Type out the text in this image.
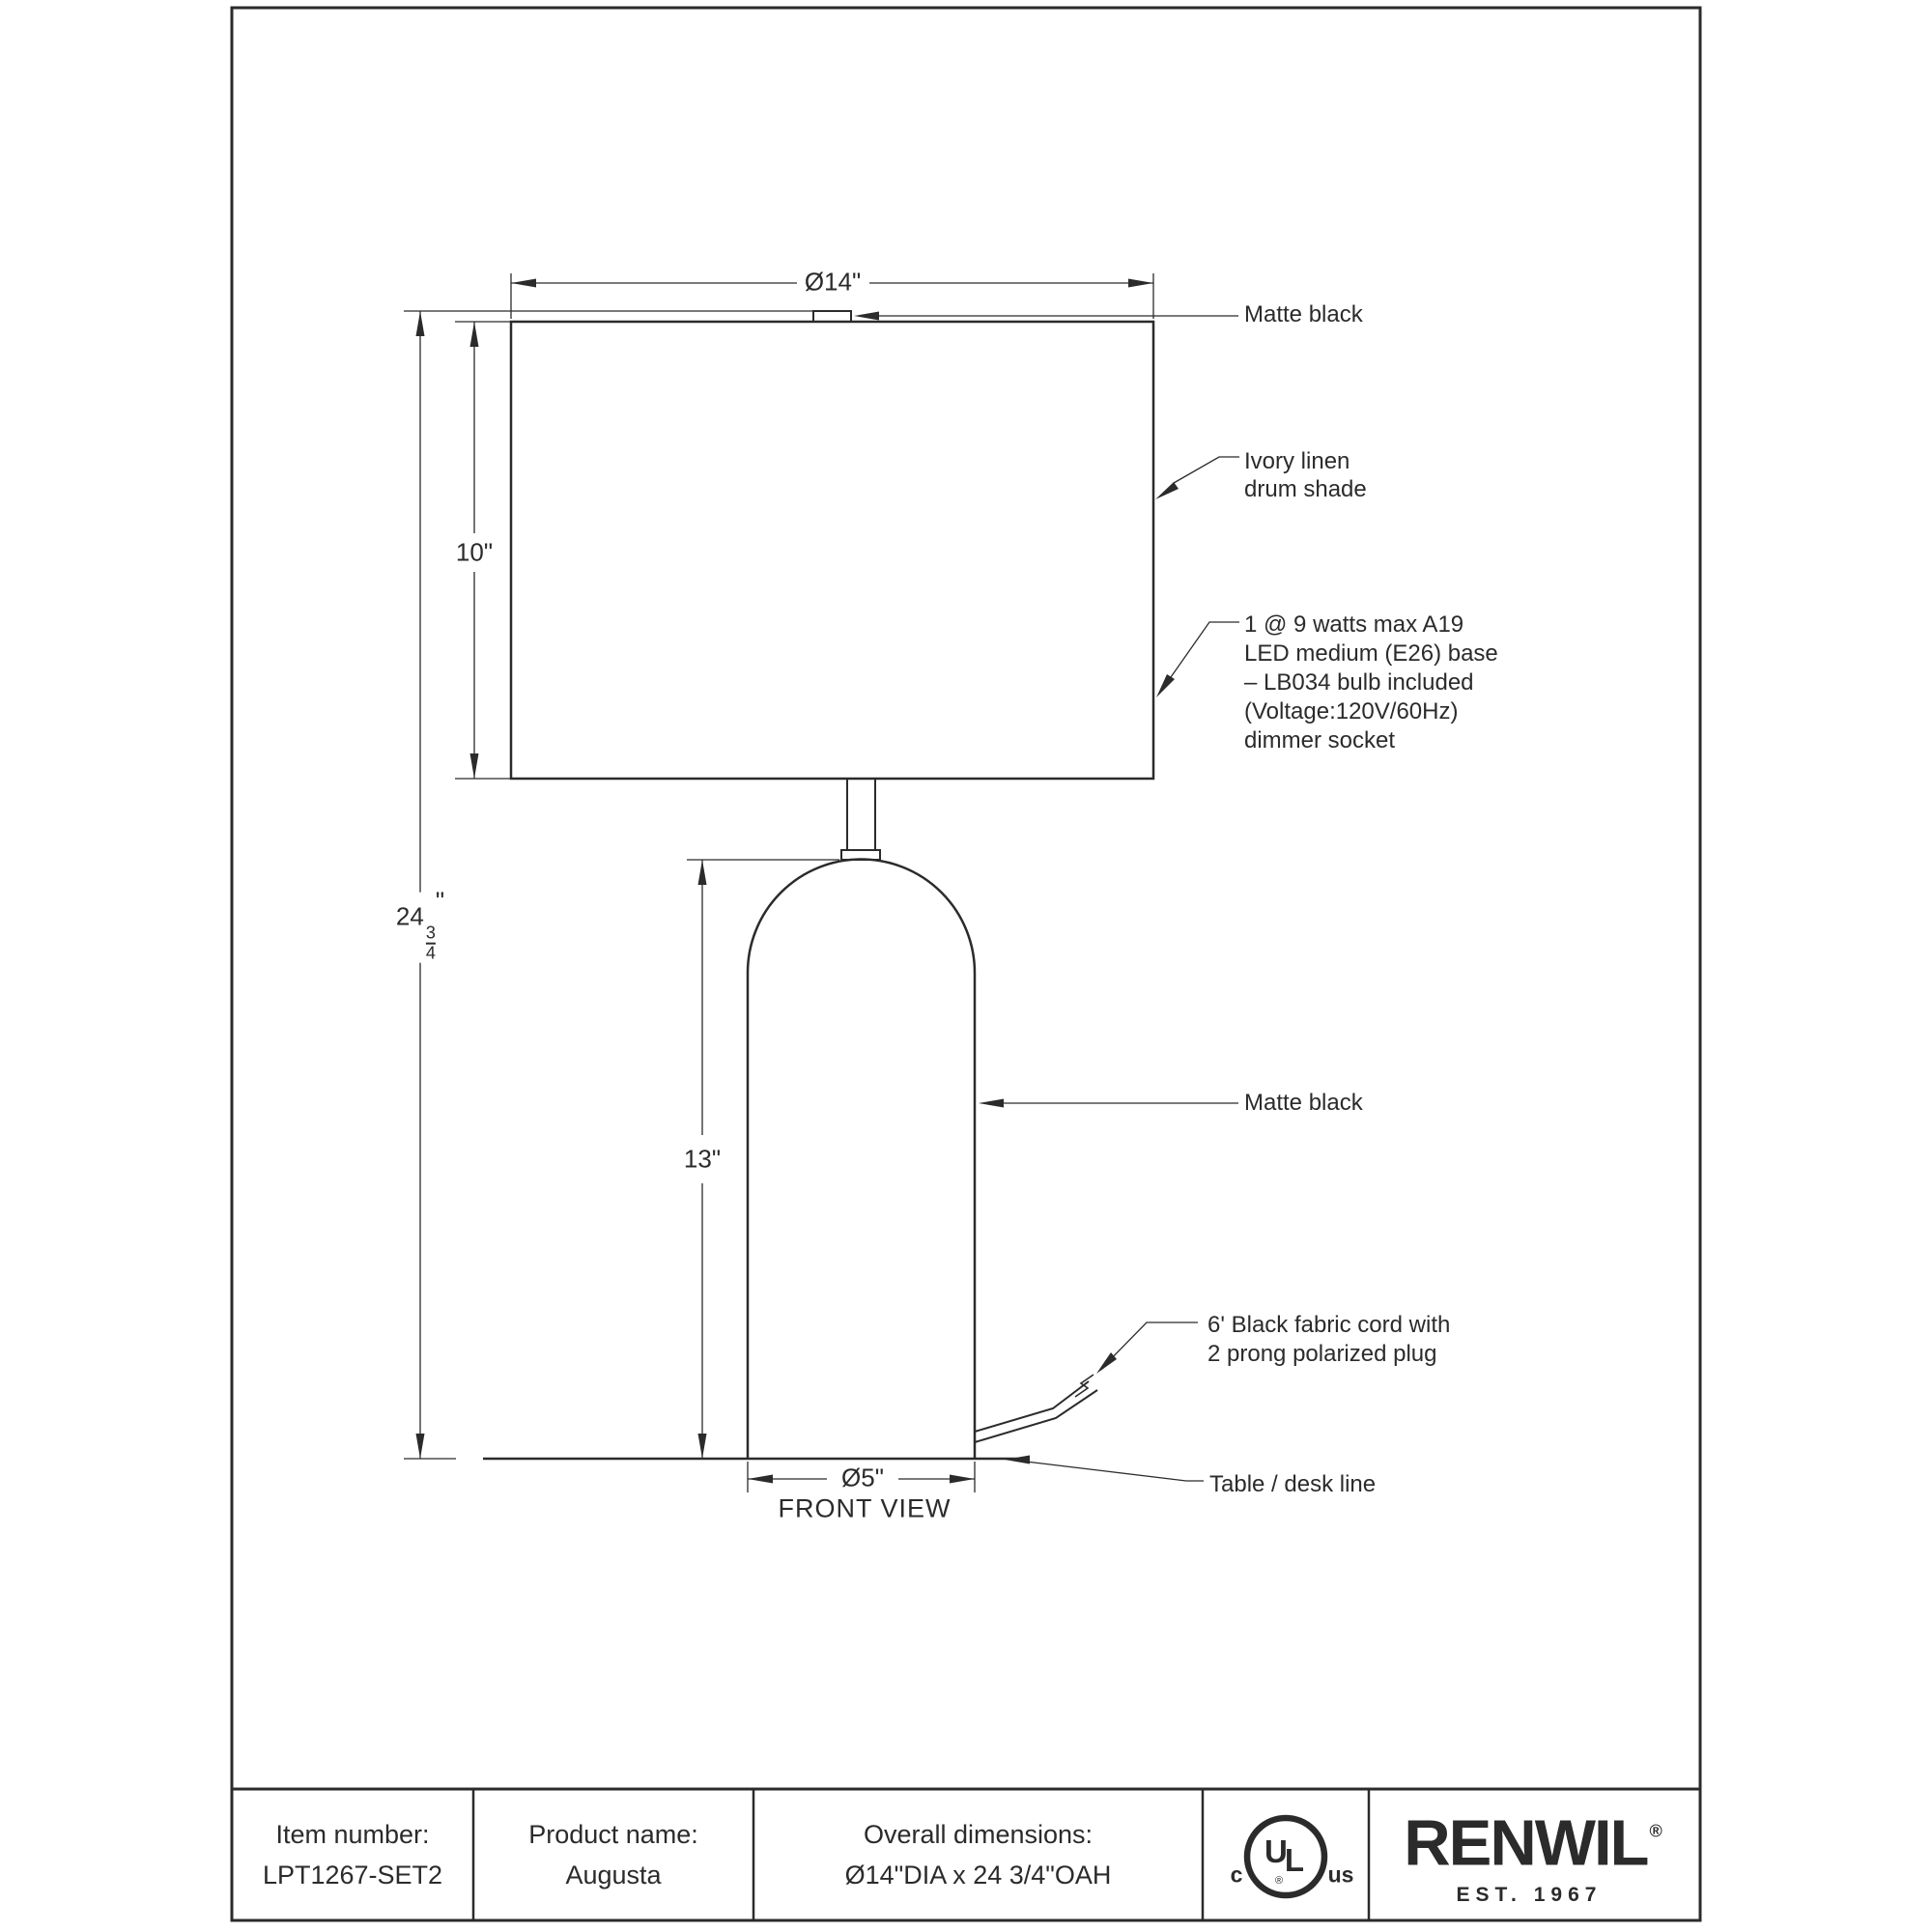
Ø14"
10"
24
$\frac{3}{4}$
"
13"
Ø5"
FRONT VIEW
Matte black
Ivory linen
drum shade
1 @ 9 watts max A19
LED medium (E26) base
– LB034 bulb included
(Voltage:120V/60Hz)
dimmer socket
Matte black
6' Black fabric cord with
2 prong polarized plug
Table / desk line
Item number:
LPT1267-SET2
Product name:
Augusta
Overall dimensions:
Ø14"DIA x 24 3/4"OAH
UL
c	us
®
RENWIL ®
EST. 1967
